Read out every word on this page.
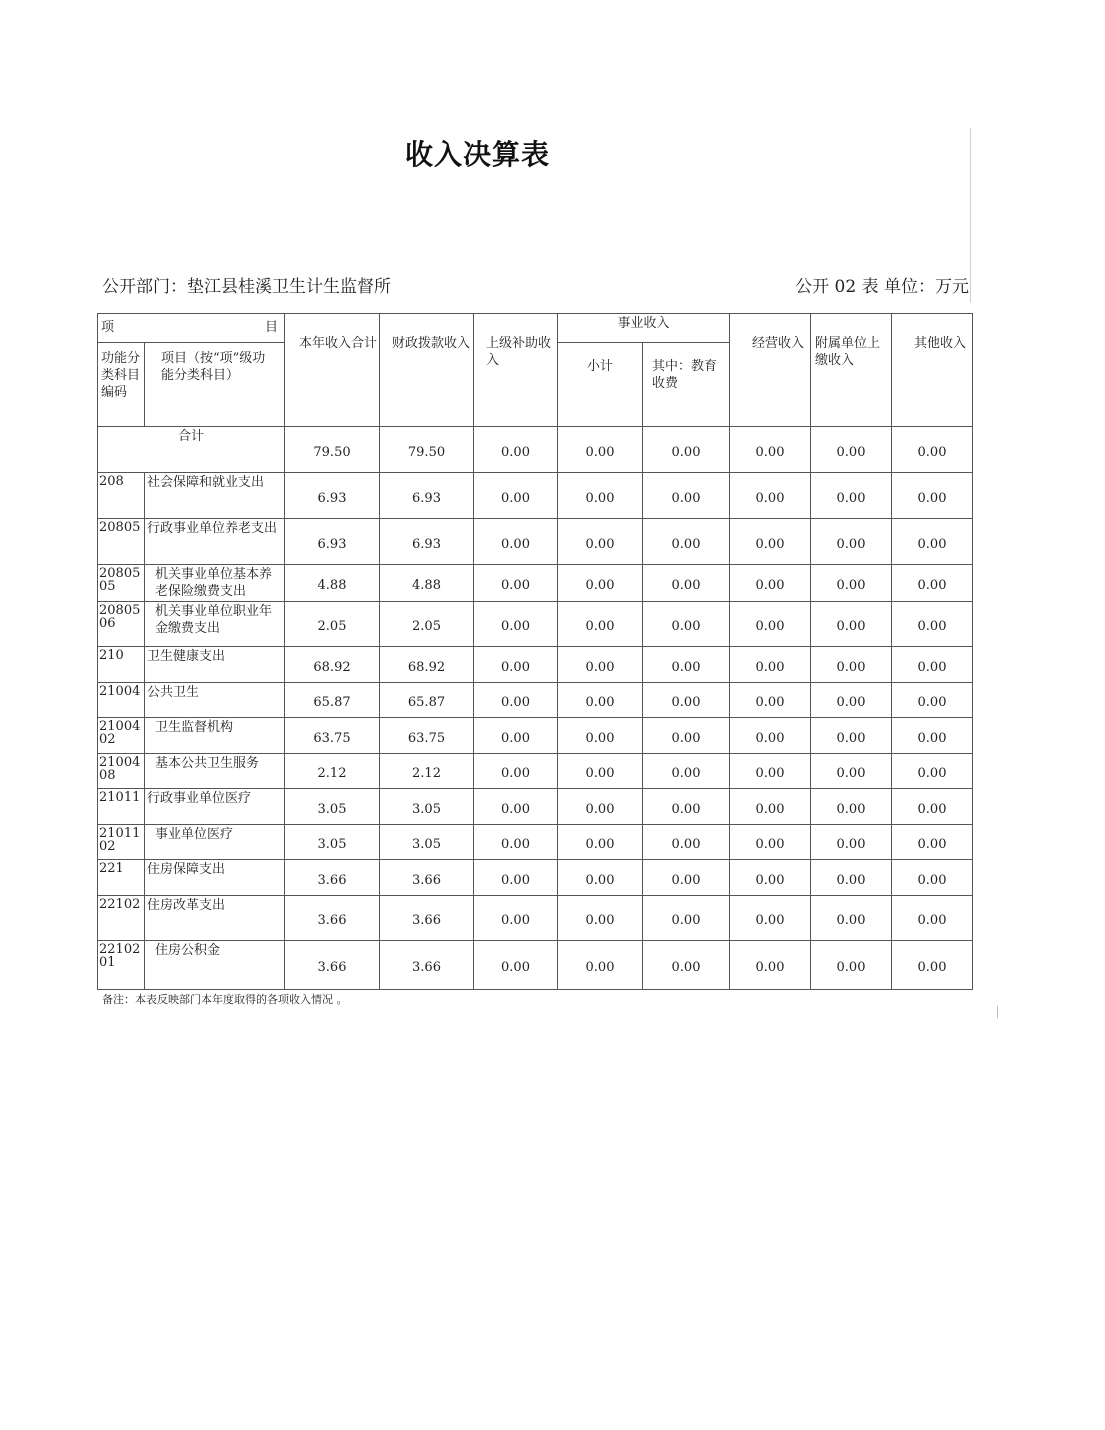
收入决算表
公开部门：垫江县桂溪卫生计生监督所	公开 02 表 单位：万元
项 目		本年收入合计	财政拨款收入	上级补助收入	事业收入		经营收入	附属单位上缴收入	其他收入
功能分类科目编码	项目（按“项”级功能分类科目）				小计	其中：教育收费			
合计		79.50	79.50	0.00	0.00	0.00	0.00	0.00	0.00
208	社会保障和就业支出	6.93	6.93	0.00	0.00	0.00	0.00	0.00	0.00
20805	行政事业单位养老支出	6.93	6.93	0.00	0.00	0.00	0.00	0.00	0.00
2080505	机关事业单位基本养老保险缴费支出	4.88	4.88	0.00	0.00	0.00	0.00	0.00	0.00
2080506	机关事业单位职业年金缴费支出	2.05	2.05	0.00	0.00	0.00	0.00	0.00	0.00
210	卫生健康支出	68.92	68.92	0.00	0.00	0.00	0.00	0.00	0.00
21004	公共卫生	65.87	65.87	0.00	0.00	0.00	0.00	0.00	0.00
2100402	卫生监督机构	63.75	63.75	0.00	0.00	0.00	0.00	0.00	0.00
2100408	基本公共卫生服务	2.12	2.12	0.00	0.00	0.00	0.00	0.00	0.00
21011	行政事业单位医疗	3.05	3.05	0.00	0.00	0.00	0.00	0.00	0.00
2101102	事业单位医疗	3.05	3.05	0.00	0.00	0.00	0.00	0.00	0.00
221	住房保障支出	3.66	3.66	0.00	0.00	0.00	0.00	0.00	0.00
22102	住房改革支出	3.66	3.66	0.00	0.00	0.00	0.00	0.00	0.00
2210201	住房公积金	3.66	3.66	0.00	0.00	0.00	0.00	0.00	0.00
备注：本表反映部门本年度取得的各项收入情况 。
